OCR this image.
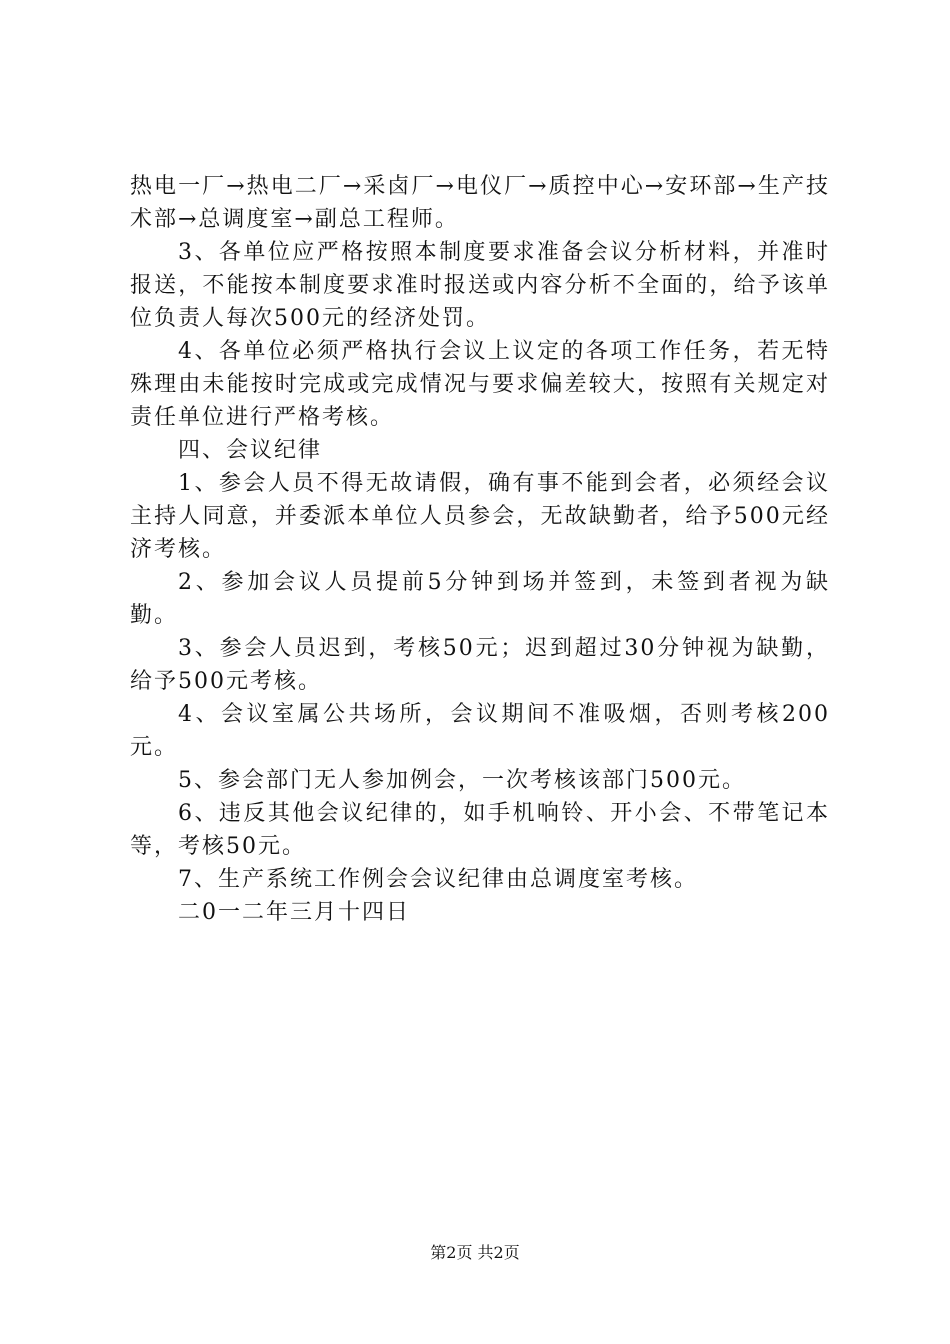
热电一厂→热电二厂→采卤厂→电仪厂→质控中心→安环部→生产技术部→总调度室→副总工程师。

3、各单位应严格按照本制度要求准备会议分析材料，并准时报送，不能按本制度要求准时报送或内容分析不全面的，给予该单位负责人每次500元的经济处罚。

4、各单位必须严格执行会议上议定的各项工作任务，若无特殊理由未能按时完成或完成情况与要求偏差较大，按照有关规定对责任单位进行严格考核。

四、会议纪律

1、参会人员不得无故请假，确有事不能到会者，必须经会议主持人同意，并委派本单位人员参会，无故缺勤者，给予500元经济考核。

2、参加会议人员提前5分钟到场并签到，未签到者视为缺勤。

3、参会人员迟到，考核50元；迟到超过30分钟视为缺勤，给予500元考核。

4、会议室属公共场所，会议期间不准吸烟，否则考核200元。

5、参会部门无人参加例会，一次考核该部门500元。

6、违反其他会议纪律的，如手机响铃、开小会、不带笔记本等，考核50元。

7、生产系统工作例会会议纪律由总调度室考核。

二0一二年三月十四日

第2页 共2页
